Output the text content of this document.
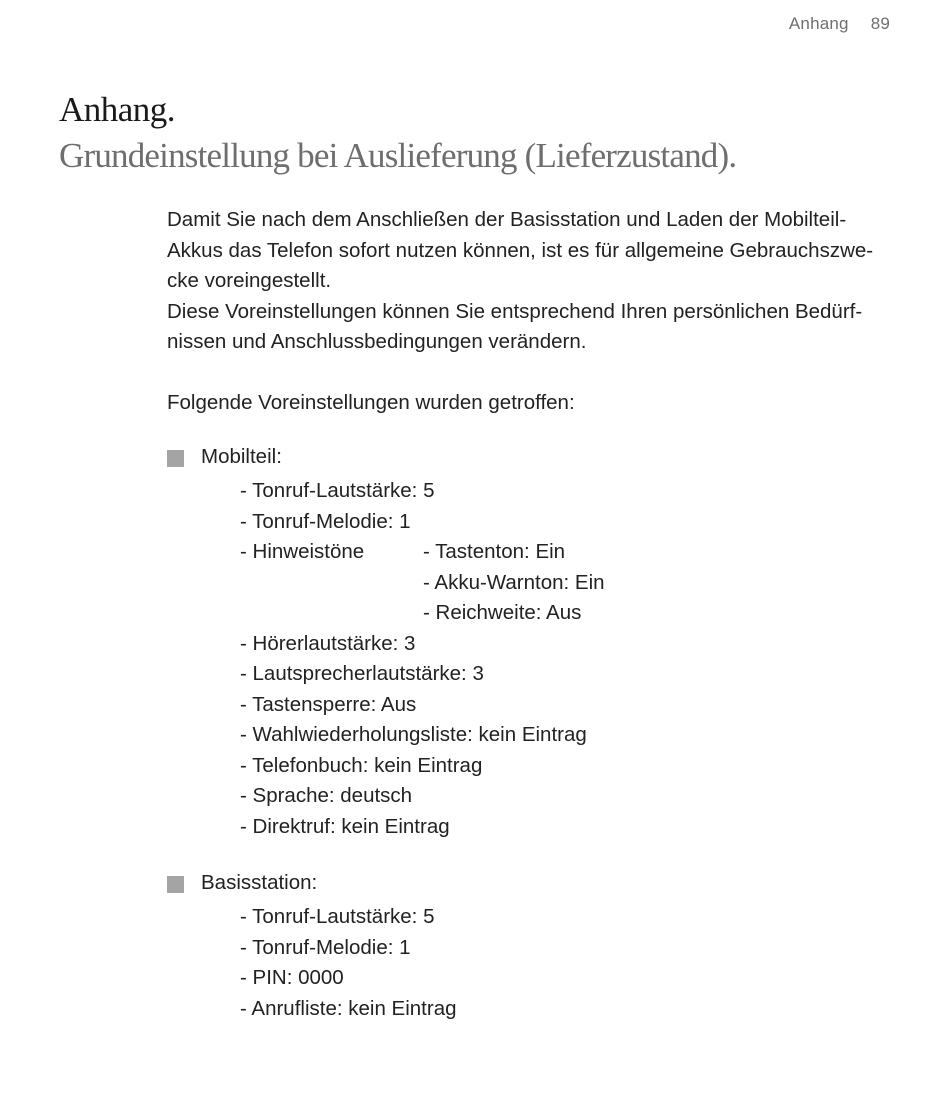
Anhang 89
Anhang.
Grundeinstellung bei Auslieferung (Lieferzustand).

Damit Sie nach dem Anschließen der Basisstation und Laden der Mobilteil-
Akkus das Telefon sofort nutzen können, ist es für allgemeine Gebrauchszwe-
cke voreingestellt.

Diese Voreinstellungen können Sie entsprechend Ihren persönlichen Bedürf-
nissen und Anschlussbedingungen verändern.

Folgende Voreinstellungen wurden getroffen:

Mobilteil:
- Tonruf-Lautstärke: 5
- Tonruf-Melodie: 1
- Hinweistöne	- Tastenton: Ein
- Akku-Warnton: Ein
- Reichweite: Aus
- Hörerlautstärke: 3
- Lautsprecherlautstärke: 3
- Tastensperre: Aus
- Wahlwiederholungsliste: kein Eintrag
- Telefonbuch: kein Eintrag
- Sprache: deutsch
- Direktruf: kein Eintrag
Basisstation:
- Tonruf-Lautstärke: 5
- Tonruf-Melodie: 1
- PIN: 0000
- Anrufliste: kein Eintrag
